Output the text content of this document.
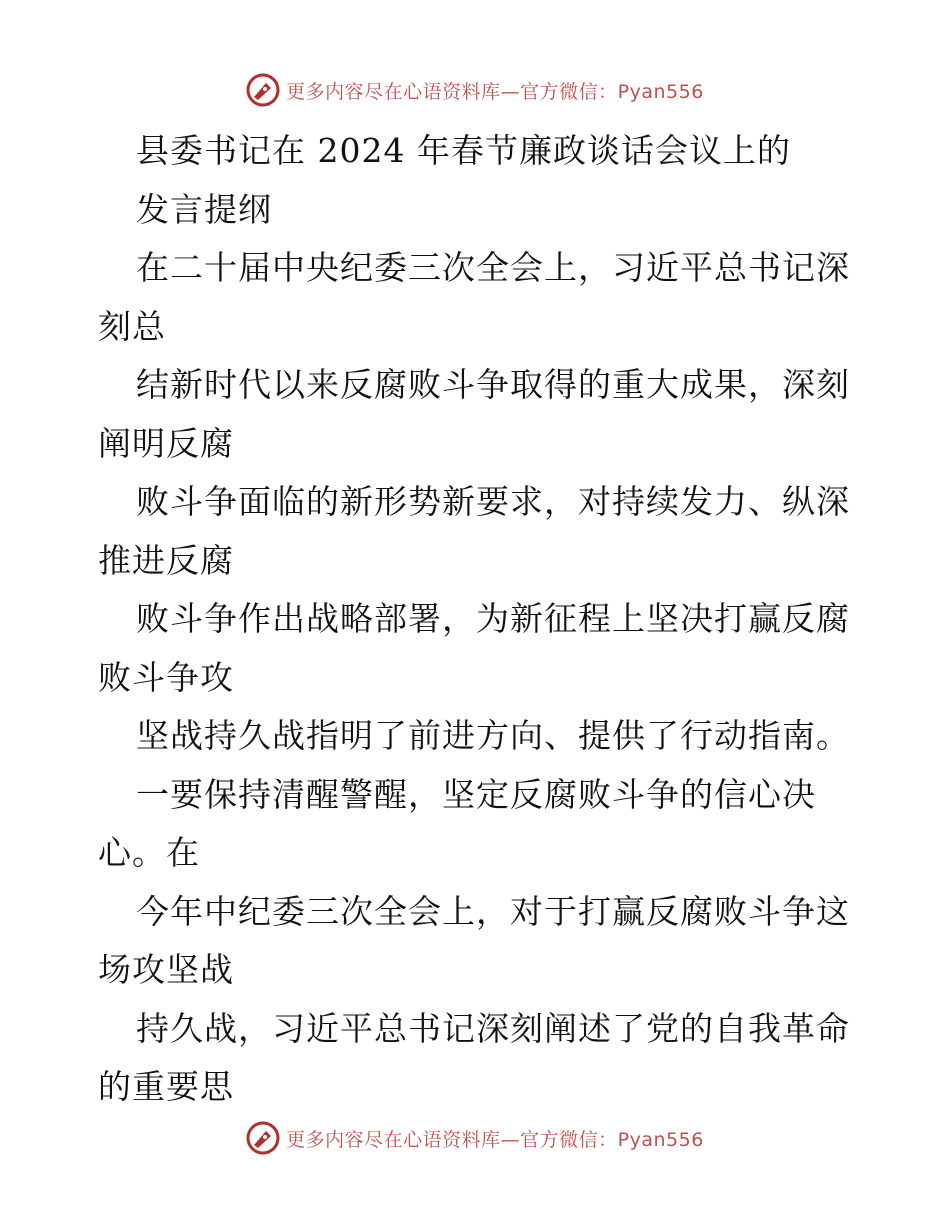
更多内容尽在心语资料库—官方微信：Pyan556
县委书记在 2024 年春节廉政谈话会议上的
发言提纲
在二十届中央纪委三次全会上，习近平总书记深
刻总
结新时代以来反腐败斗争取得的重大成果，深刻
阐明反腐
败斗争面临的新形势新要求，对持续发力、纵深
推进反腐
败斗争作出战略部署，为新征程上坚决打赢反腐
败斗争攻
坚战持久战指明了前进方向、提供了行动指南。
一要保持清醒警醒，坚定反腐败斗争的信心决
心。在
今年中纪委三次全会上，对于打赢反腐败斗争这
场攻坚战
持久战，习近平总书记深刻阐述了党的自我革命
的重要思
更多内容尽在心语资料库—官方微信：Pyan556
